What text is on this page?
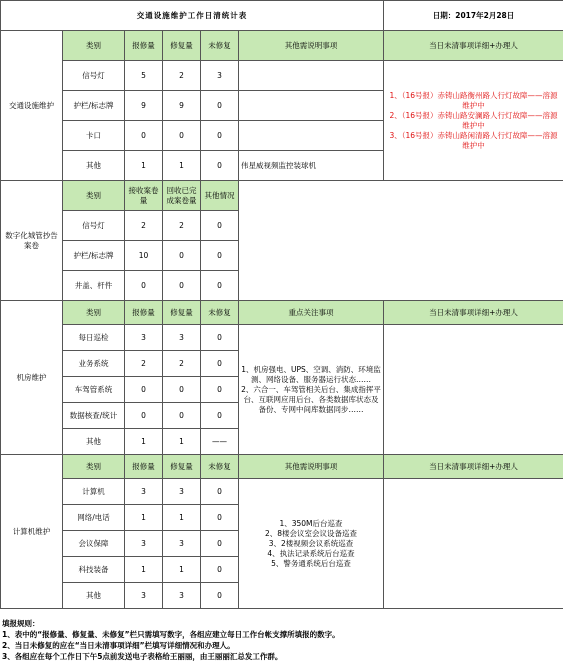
交通设施维护工作日清统计表						日期：2017年2月28日
交通设施维护	类别	报修量	修复量	未修复	其他需说明事项	当日未清事项详细+办理人
	信号灯	5	2	3		1、（16号报）赤铸山路衡州路人行灯故障——溶源维护中
2、（16号报）赤铸山路安澜路人行灯故障——溶源维护中
3、（16号报）赤铸山路闲清路人行灯故障——溶源维护中

	护栏/标志牌	9	9	0		
	卡口	0	0	0		
	其他	1	1	0	伟星威视频监控装球机	
数字化城管抄告案卷	类别	接收案卷量	回收已完成案卷量	其他情况		
	信号灯	2	2	0		
	护栏/标志牌	10	0	0		
	井盖、杆件	0	0	0		
机房维护	类别	报修量	修复量	未修复	重点关注事项	当日未清事项详细+办理人
	每日巡检	3	3	0	1、机房强电、UPS、空调、消防、环境监测、网络设备、服务器运行状态……
2、六合一、车驾管相关后台、集成指挥平台、互联网应用后台、各类数据库状态及备份、专网中间库数据同步……	
	业务系统	2	2	0		
	车驾管系统	0	0	0		
	数据核查/统计	0	0	0		
	其他	1	1	——		
计算机维护	类别	报修量	修复量	未修复	其他需说明事项	当日未清事项详细+办理人
	计算机	3	3	0	1、350M后台巡查
2、8楼会议室会议设备巡查
3、2楼视频会议系统巡查
4、执法记录系统后台巡查
5、警务通系统后台巡查	
	网络/电话	1	1	0		
	会议保障	3	3	0		
	科技装备	1	1	0		
	其他	3	3	0		
填报规则：
1、表中的“报修量、修复量、未修复”栏只需填写数字，各组应建立每日工作台帐支撑所填报的数字。
2、当日未修复的应在“当日未清事项详细”栏填写详细情况和办理人。
3、各组应在每个工作日下午5点前发送电子表格给王丽丽，由王丽丽汇总发工作群。
